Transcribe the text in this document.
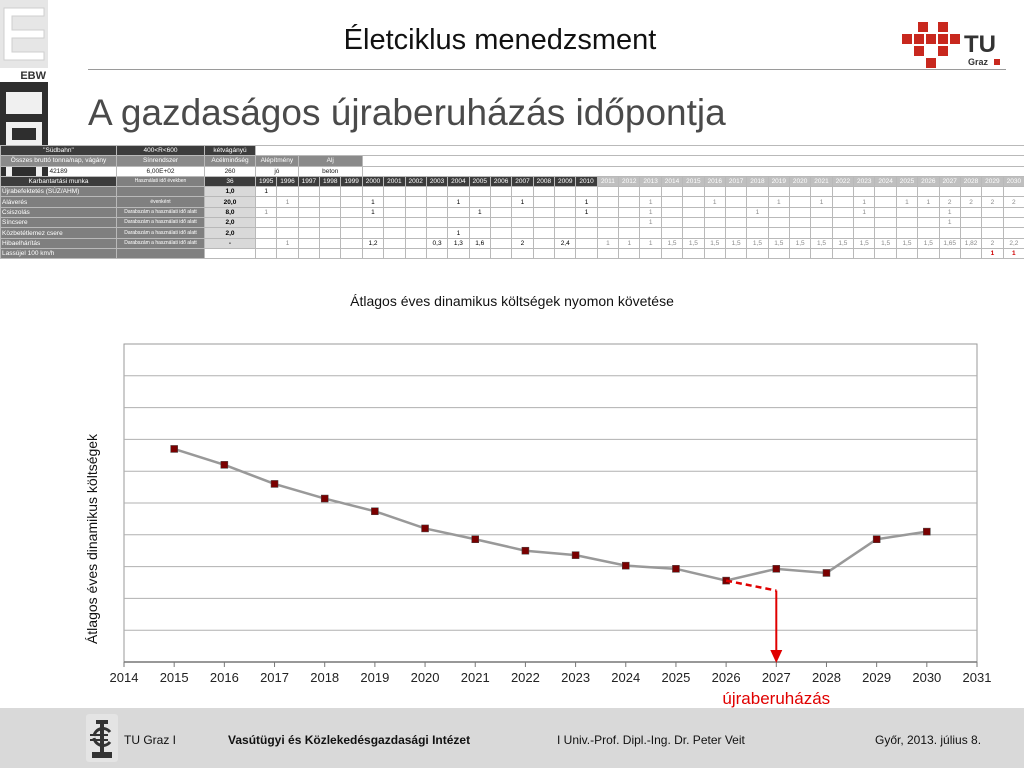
EBW
Életciklus menedzsment	TU
Graz
A gazdaságos újraberuházás időpontja
"Südbahn"	400<R<600	kétvágányú																																				
Összes bruttó tonna/nap, vágány	Sínrendszer	Acélminőség	Alépítmény		Alj																																	
42189	6,00E+02	260	jó		beton																																	
Karbantartási munka	Használati idő években	36	1995	1996	1997	1998	1999	2000	2001	2002	2003	2004	2005	2006	2007	2008	2009	2010	2011	2012	2013	2014	2015	2016	2017	2018	2019	2020	2021	2022	2023	2024	2025	2026	2027	2028	2029	2030
Újrabefektetés (SÚZ/AHM)		1,0	1																																			
Aláverés	évenként	20,0		1				1				1			1			1			1			1			1		1		1		1	1	2	2	2	2
Csiszolás	Darabszám a használati idő alatt	8,0	1					1					1					1			1					1					1				1			
Síncsere	Darabszám a használati idő alatt	2,0																			1														1			
Közbetétlemez csere	Darabszám a használati idő alatt	2,0										1																										
Hibaelhárítás	Darabszám a használati idő alatt	-		1				1,2			0,3	1,3	1,6		2		2,4		1	1	1	1,5	1,5	1,5	1,5	1,5	1,5	1,5	1,5	1,5	1,5	1,5	1,5	1,5	1,65	1,82	2	2,2
Lassújel 100 km/h																																					1	1
Átlagos éves dinamikus költségek nyomon követése
2014 2015 2016 2017 2018 2019 2020 2021 2022 2023 2024 2025 2026 2027 2028 2029 2030 2031
Átlagos éves dinamikus költségek
újraberuházás
TU Graz I	Vasútügyi és Közlekedésgazdasági Intézet	I Univ.-Prof. Dipl.-Ing. Dr. Peter Veit	Győr, 2013. július 8.
